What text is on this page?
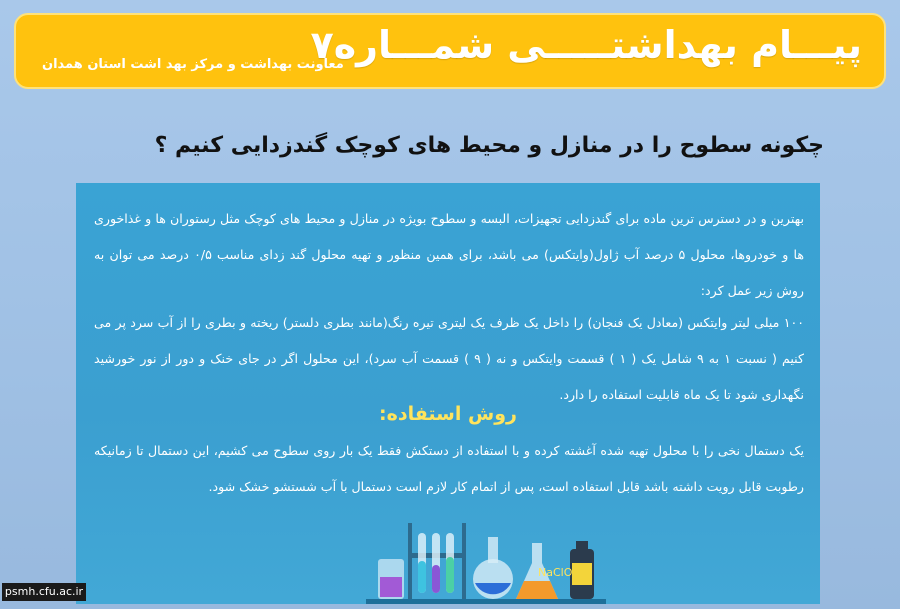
پیـــام بهداشتـــــی شمـــاره۷
معاونت بهداشت و مرکز بهد اشت استان همدان
چکونه سطوح را در منازل و محیط های کوچک گندزدایی کنیم ؟
بهترین و در دسترس ترین ماده برای گندزدایی تجهیزات، البسه و سطوح بویژه در منازل و محیط های کوچک مثل رستوران ها و غذاخوری ها و خودروها، محلول ۵ درصد آب ژاول(وایتکس) می باشد، برای همین منظور و تهیه محلول گند زدای مناسب ۰/۵ درصد می توان به روش زیر عمل کرد:
۱۰۰ میلی لیتر وایتکس (معادل یک فنجان) را داخل یک ظرف یک لیتری تیره رنگ(مانند بطری دلستر) ریخته و بطری را از آب سرد پر می کنیم ( نسبت ۱ به ۹ شامل یک ( ۱ ) قسمت وایتکس و نه ( ۹ ) قسمت آب سرد)، این محلول اگر در جای خنک و دور از نور خورشید نگهداری شود تا یک ماه قابلیت استفاده را دارد.
روش استفاده:
یک دستمال نخی را با محلول تهیه شده آغشته کرده و با استفاده از دستکش فقط یک بار روی سطوح می کشیم، این دستمال تا زمانیکه رطوبت قابل رویت داشته باشد قابل استفاده است، پس از اتمام کار لازم است دستمال با آب شستشو خشک شود.
NaClO
psmh.cfu.ac.ir
